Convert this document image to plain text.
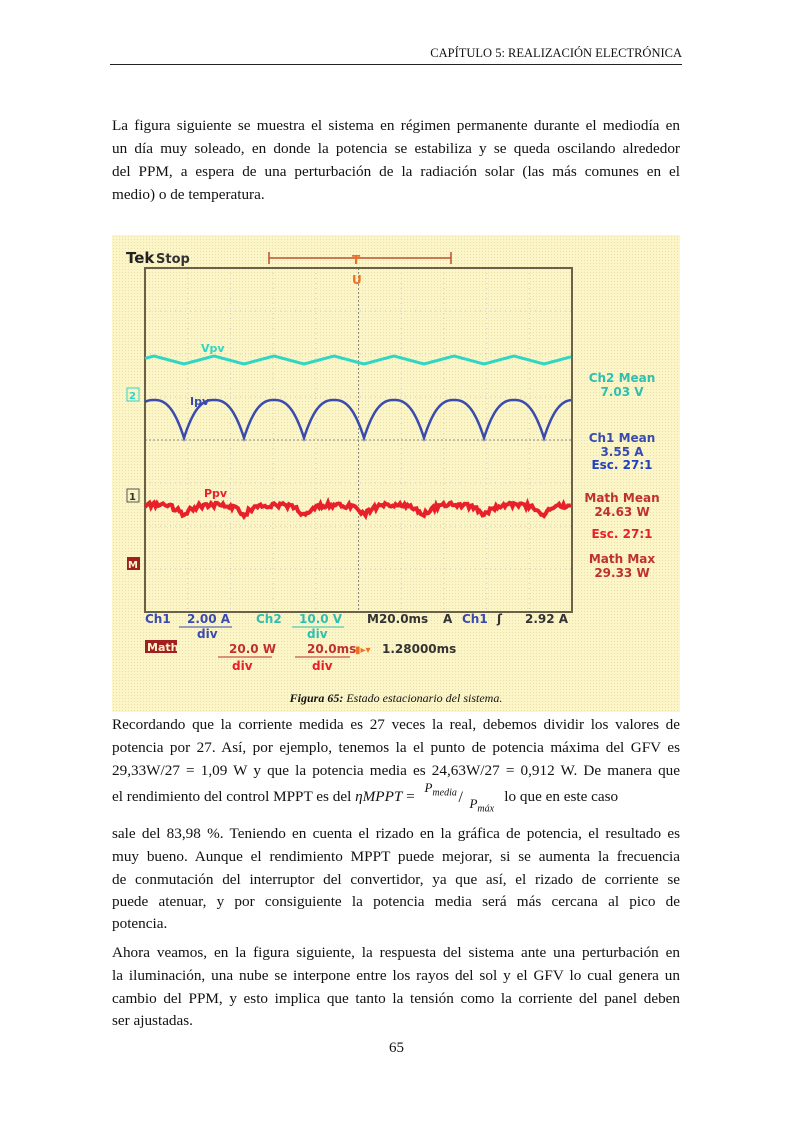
CAPÍTULO 5: REALIZACIÓN ELECTRÓNICA
La figura siguiente se muestra el sistema en régimen permanente durante el mediodía en
un día muy soleado, en donde la potencia se estabiliza y se queda oscilando alrededor
del PPM, a espera de una perturbación de la radiación solar (las más comunes en el
medio) o de temperatura.
Tek Stop	T
U
Vpv
Ipv
Ppv
2
1
M
Ch2 Mean
7.03 V
Ch1 Mean
3.55 A
Esc. 27:1
Math Mean
24.63 W
Esc. 27:1
Math Max
29.33 W
Ch1 2.00 A
div
Ch2 10.0 V
div
M20.0ms A Ch1 ʃ 2.92 A
Math	20.0 W
div
20.0ms
div
▮▸▾ 1.28000ms
Figura 65: Estado estacionario del sistema.
Recordando que la corriente medida es 27 veces la real, debemos dividir los valores de
potencia por 27. Así, por ejemplo, tenemos la el punto de potencia máxima del GFV es
29,33W/27 = 1,09 W y que la potencia media es 24,63W/27 = 0,912 W. De manera que
el rendimiento del control MPPT es del ηMPPT =
$P_{media} / P_{máx}$
lo que en este caso
sale del 83,98 %. Teniendo en cuenta el rizado en la gráfica de potencia, el resultado es
muy bueno. Aunque el rendimiento MPPT puede mejorar, si se aumenta la frecuencia
de conmutación del interruptor del convertidor, ya que así, el rizado de corriente se
puede atenuar, y por consiguiente la potencia media será más cercana al pico de
potencia.
Ahora veamos, en la figura siguiente, la respuesta del sistema ante una perturbación en
la iluminación, una nube se interpone entre los rayos del sol y el GFV lo cual genera un
cambio del PPM, y esto implica que tanto la tensión como la corriente del panel deben
ser ajustadas.
65
